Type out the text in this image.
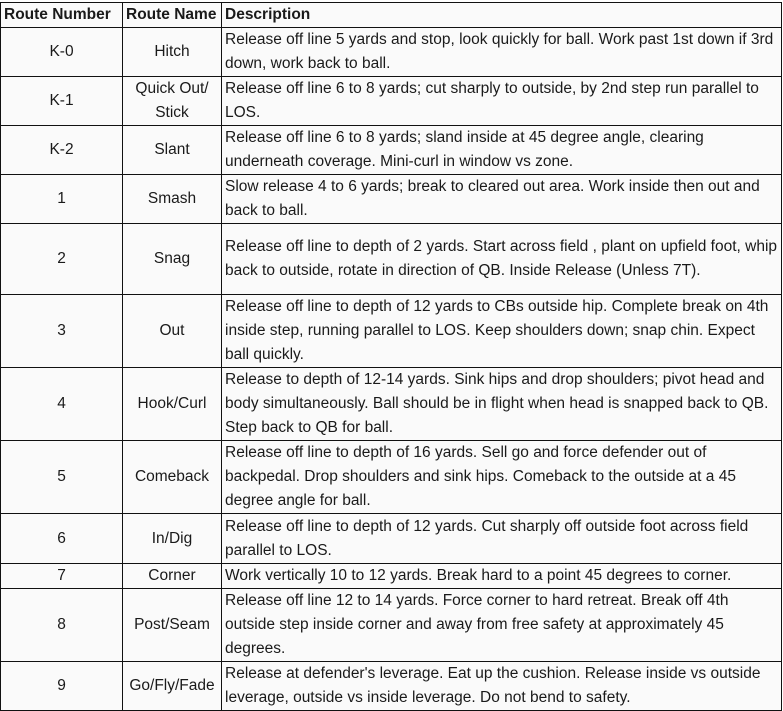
Route Number	Route Name	Description
K-0	Hitch	Release off line 5 yards and stop, look quickly for ball. Work past 1st down if 3rd down, work back to ball.
K-1	Quick Out/ Stick	Release off line 6 to 8 yards; cut sharply to outside, by 2nd step run parallel to LOS.
K-2	Slant	Release off line 6 to 8 yards; sland inside at 45 degree angle, clearing underneath coverage. Mini-curl in window vs zone.
1	Smash	Slow release 4 to 6 yards; break to cleared out area. Work inside then out and back to ball.
2	Snag	Release off line to depth of 2 yards. Start across field , plant on upfield foot, whip back to outside, rotate in direction of QB. Inside Release (Unless 7T).
3	Out	Release off line to depth of 12 yards to CBs outside hip. Complete break on 4th inside step, running parallel to LOS. Keep shoulders down; snap chin. Expect ball quickly.
4	Hook/Curl	Release to depth of 12-14 yards. Sink hips and drop shoulders; pivot head and body simultaneously. Ball should be in flight when head is snapped back to QB. Step back to QB for ball.
5	Comeback	Release off line to depth of 16 yards. Sell go and force defender out of backpedal. Drop shoulders and sink hips. Comeback to the outside at a 45 degree angle for ball.
6	In/Dig	Release off line to depth of 12 yards. Cut sharply off outside foot across field parallel to LOS.
7	Corner	Work vertically 10 to 12 yards. Break hard to a point 45 degrees to corner.
8	Post/Seam	Release off line 12 to 14 yards. Force corner to hard retreat. Break off 4th outside step inside corner and away from free safety at approximately 45 degrees.
9	Go/Fly/Fade	Release at defender's leverage. Eat up the cushion. Release inside vs outside leverage, outside vs inside leverage. Do not bend to safety.
